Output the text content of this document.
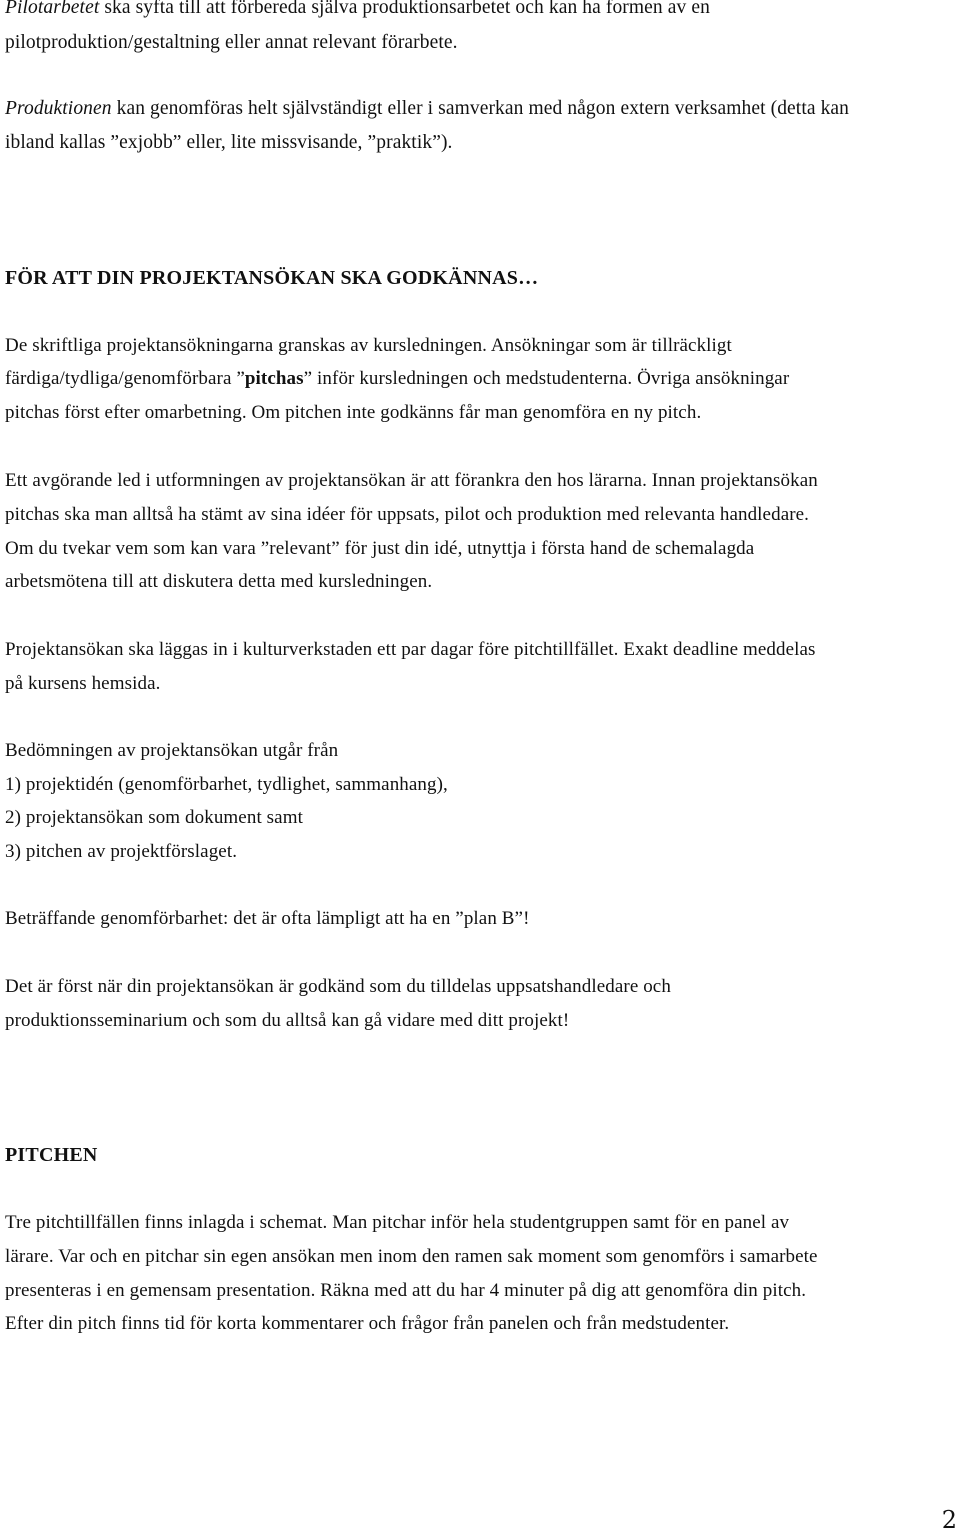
Pilotarbetet ska syfta till att förbereda själva produktionsarbetet och kan ha formen av en

pilotproduktion/gestaltning eller annat relevant förarbete.

Produktionen kan genomföras helt självständigt eller i samverkan med någon extern verksamhet (detta kan

ibland kallas ”exjobb” eller, lite missvisande, ”praktik”).

FÖR ATT DIN PROJEKTANSÖKAN SKA GODKÄNNAS…

De skriftliga projektansökningarna granskas av kursledningen. Ansökningar som är tillräckligt

färdiga/tydliga/genomförbara ”pitchas” inför kursledningen och medstudenterna. Övriga ansökningar

pitchas först efter omarbetning. Om pitchen inte godkänns får man genomföra en ny pitch.

Ett avgörande led i utformningen av projektansökan är att förankra den hos lärarna. Innan projektansökan

pitchas ska man alltså ha stämt av sina idéer för uppsats, pilot och produktion med relevanta handledare.

Om du tvekar vem som kan vara ”relevant” för just din idé, utnyttja i första hand de schemalagda

arbetsmötena till att diskutera detta med kursledningen.

Projektansökan ska läggas in i kulturverkstaden ett par dagar före pitchtillfället. Exakt deadline meddelas

på kursens hemsida.

Bedömningen av projektansökan utgår från

1) projektidén (genomförbarhet, tydlighet, sammanhang),

2) projektansökan som dokument samt

3) pitchen av projektförslaget.

Beträffande genomförbarhet: det är ofta lämpligt att ha en ”plan B”!

Det är först när din projektansökan är godkänd som du tilldelas uppsatshandledare och

produktionsseminarium och som du alltså kan gå vidare med ditt projekt!

PITCHEN

Tre pitchtillfällen finns inlagda i schemat. Man pitchar inför hela studentgruppen samt för en panel av

lärare. Var och en pitchar sin egen ansökan men inom den ramen sak moment som genomförs i samarbete

presenteras i en gemensam presentation. Räkna med att du har 4 minuter på dig att genomföra din pitch.

Efter din pitch finns tid för korta kommentarer och frågor från panelen och från medstudenter.

2
